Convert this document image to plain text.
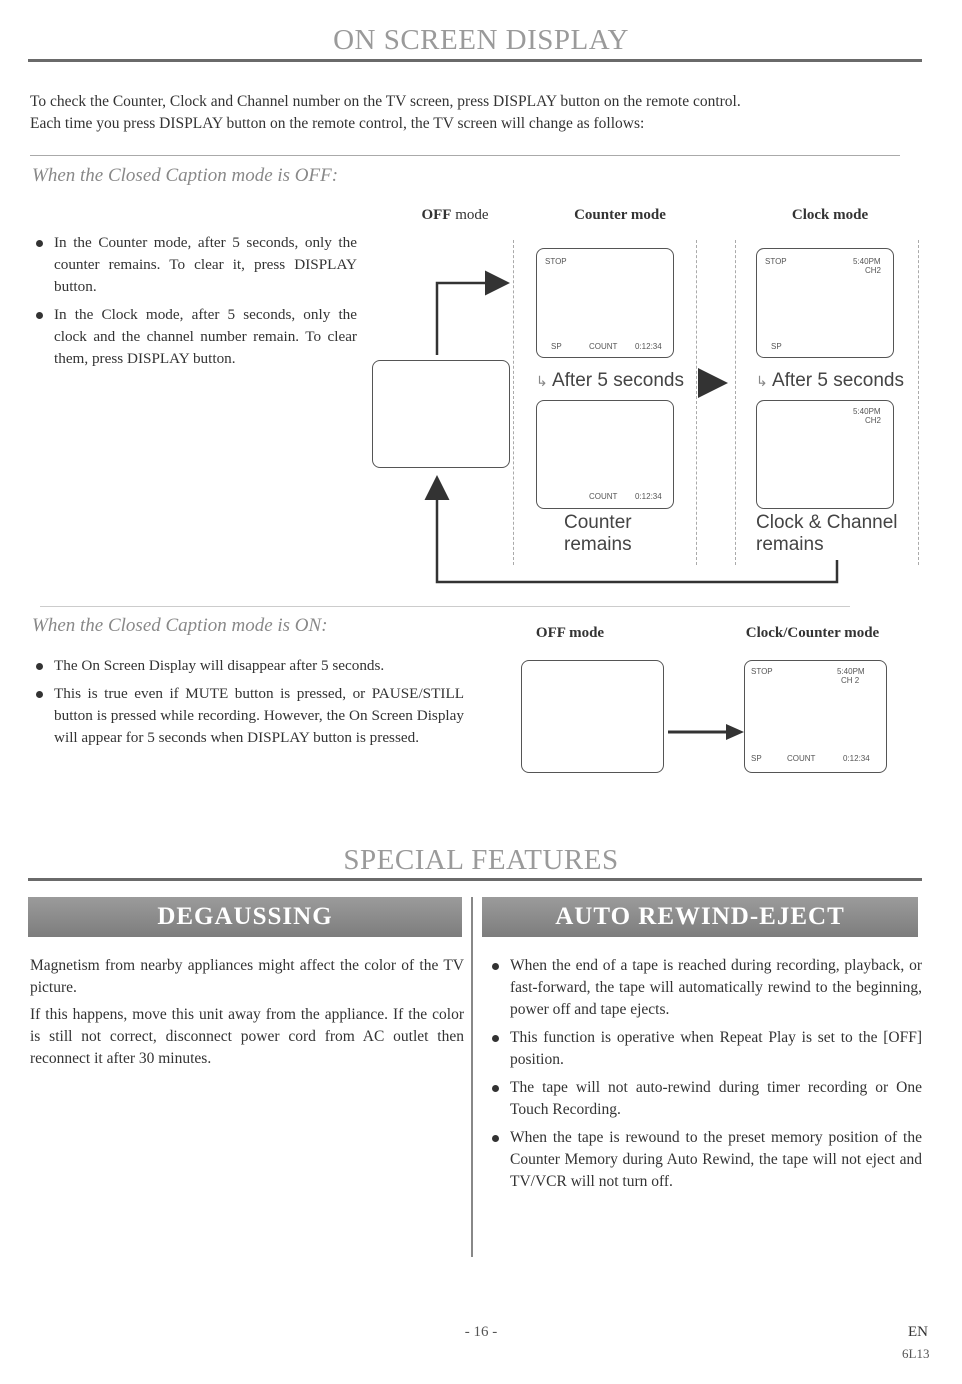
ON SCREEN DISPLAY
To check the Counter, Clock and Channel number on the TV screen, press DISPLAY button on the remote control.
Each time you press DISPLAY button on the remote control, the TV screen will change as follows:
When the Closed Caption mode is OFF:
OFF mode	Counter mode	Clock mode
In the Counter mode, after 5 seconds, only the counter remains. To clear it, press DISPLAY button.
In the Clock mode, after 5 seconds, only the clock and the channel number remain. To clear them, press DISPLAY button.
STOP
SP	COUNT 0:12:34
↳ After 5 seconds
COUNT 0:12:34
Counter
remains
STOP	5:40PM
CH2
SP
↳ After 5 seconds
5:40PM
CH2
Clock & Channel
remains
When the Closed Caption mode is ON:	OFF mode	Clock/Counter mode
The On Screen Display will disappear after 5 seconds.
This is true even if MUTE button is pressed, or PAUSE/STILL button is pressed while recording. However, the On Screen Display will appear for 5 seconds when DISPLAY button is pressed.
STOP	5:40PM
CH 2
SP	COUNT	0:12:34
SPECIAL FEATURES
DEGAUSSING	AUTO REWIND-EJECT
Magnetism from nearby appliances might affect the color of the TV picture.
If this happens, move this unit away from the appliance. If the color is still not correct, disconnect power cord from AC outlet then reconnect it after 30 minutes.
When the end of a tape is reached during recording, playback, or fast-forward, the tape will automatically rewind to the beginning, power off and tape ejects.
This function is operative when Repeat Play is set to the [OFF] position.
The tape will not auto-rewind during timer recording or One Touch Recording.
When the tape is rewound to the preset memory position of the Counter Memory during Auto Rewind, the tape will not eject and TV/VCR will not turn off.
- 16 -	EN
6L13
